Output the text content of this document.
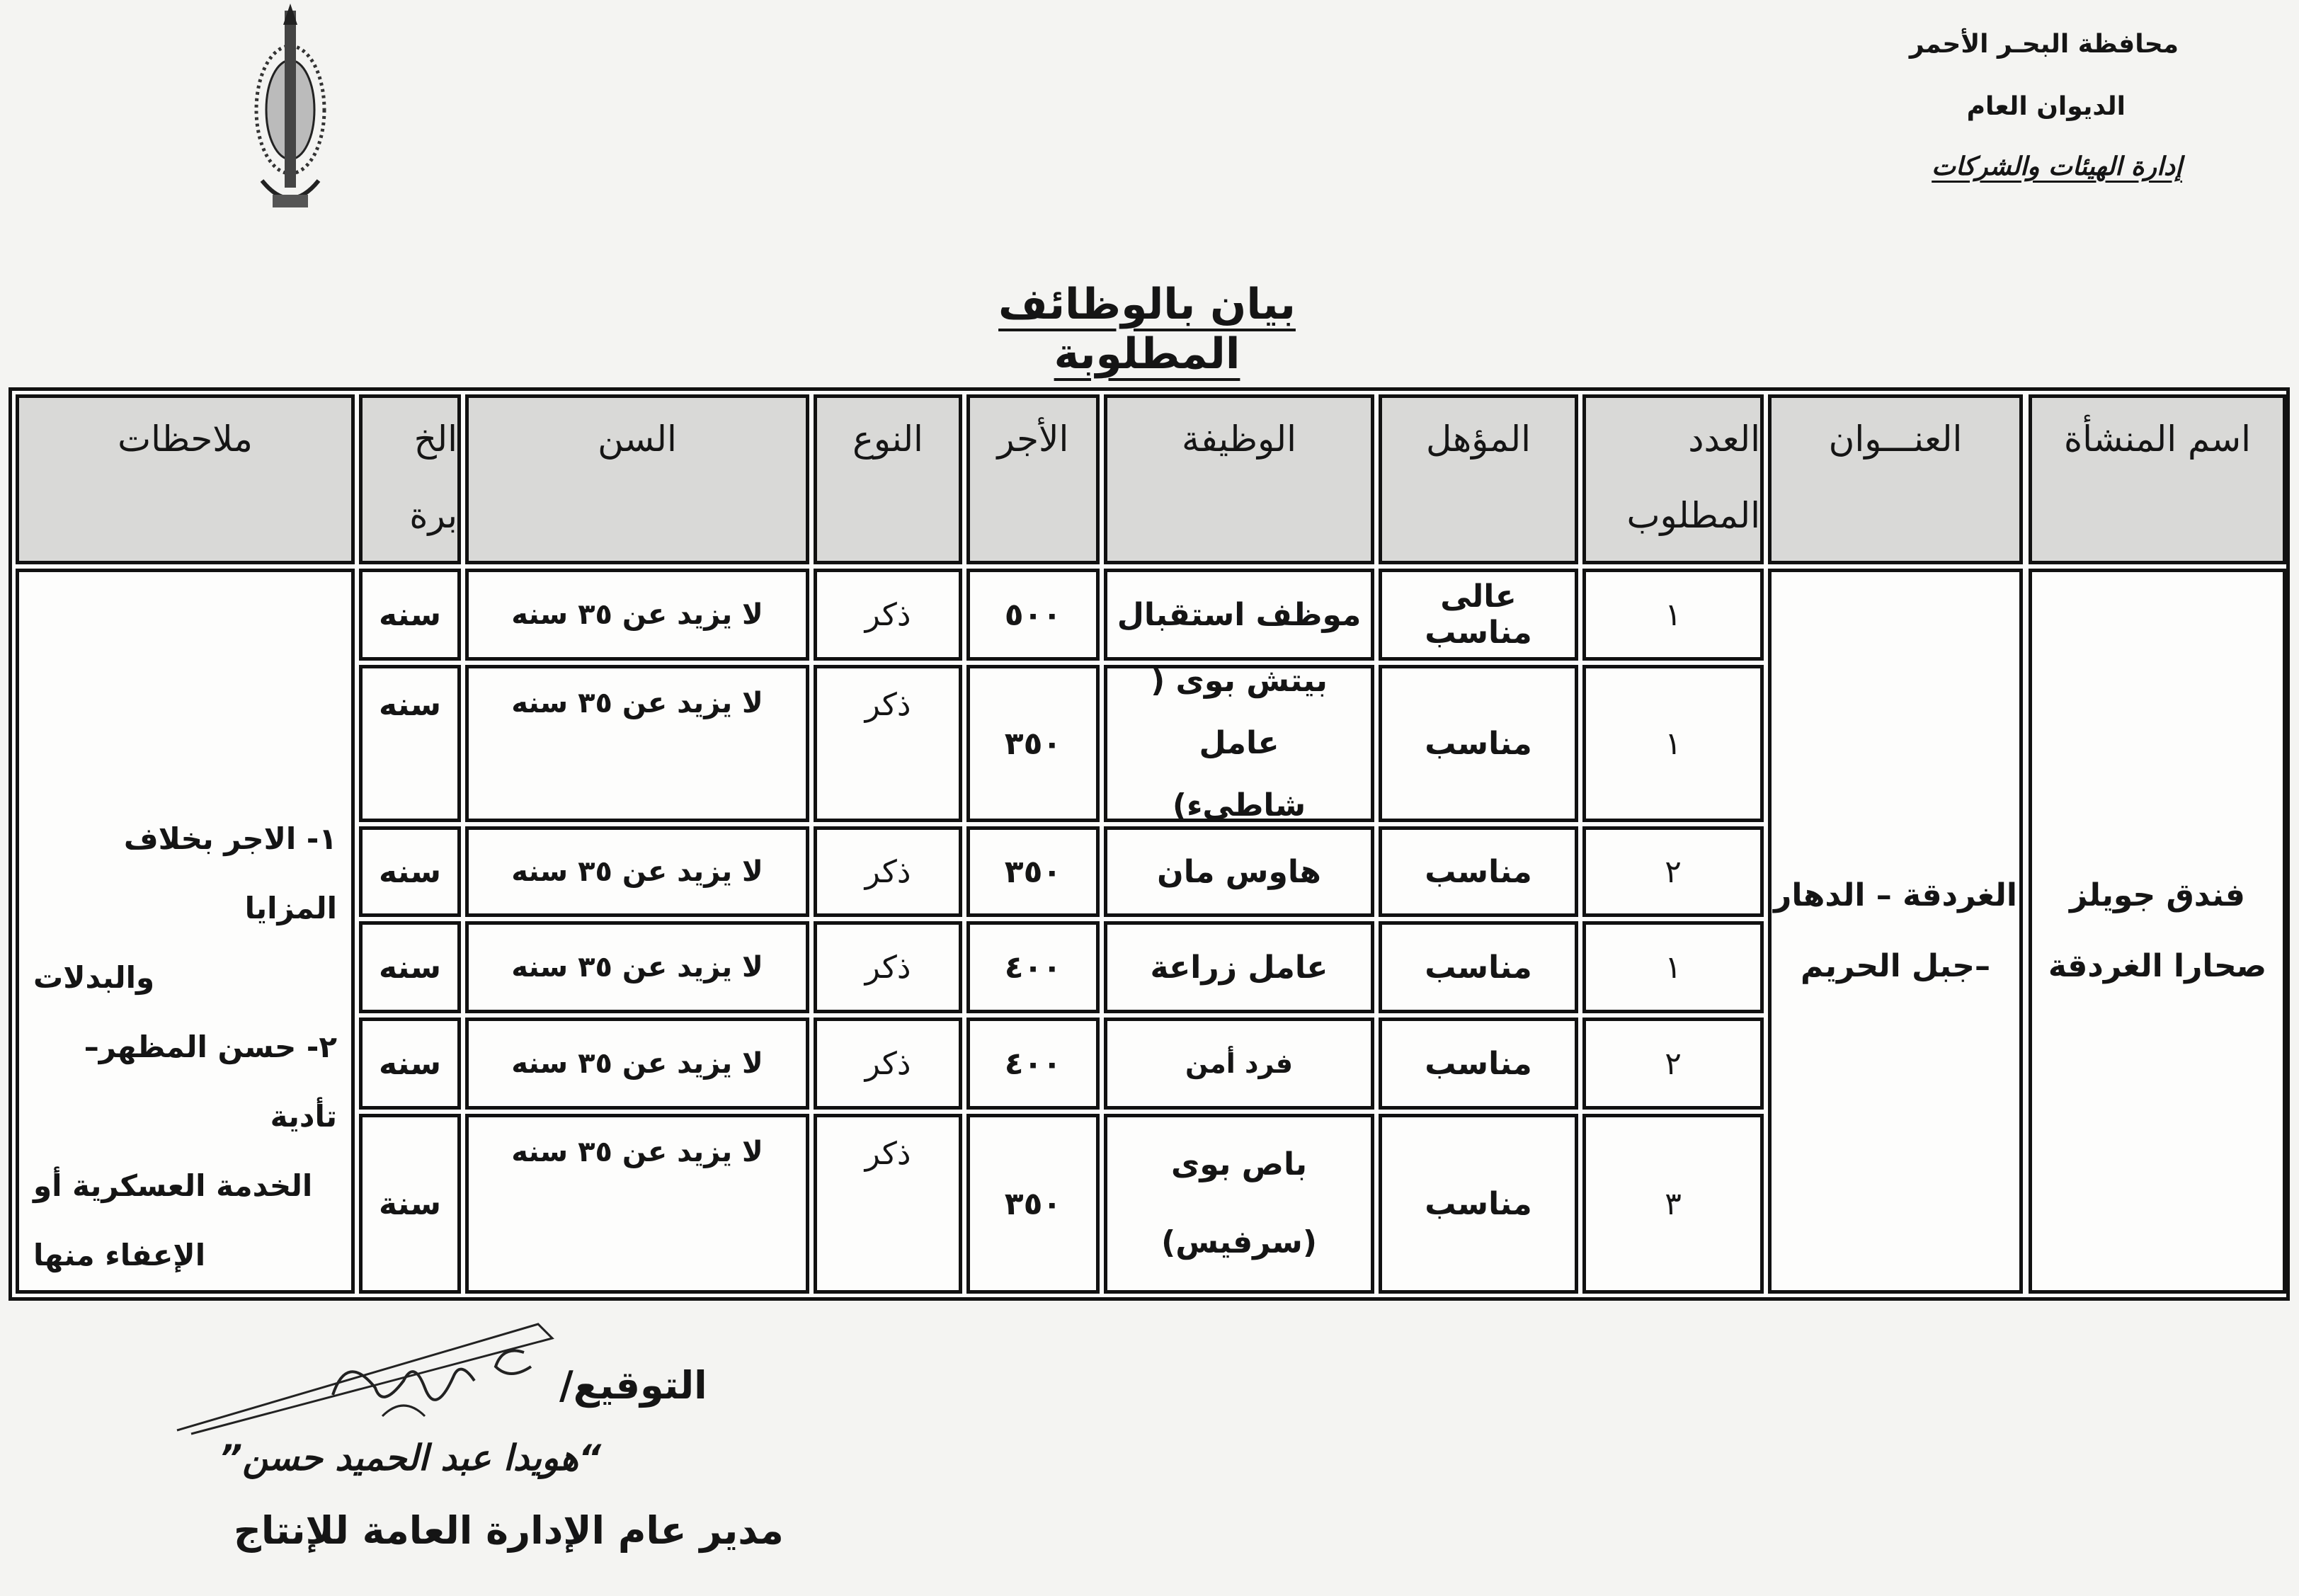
محافظة البحـر الأحمر
الديوان العام
إدارة الهيئات والشركات
بيان بالوظائف المطلوبة
اسم المنشأة
العنـــوان
العدد
المطلوب
المؤهل
الوظيفة
الأجر
النوع
السن
الخ
برة
ملاحظات
فندق جويلز
صحارا الغردقة
الغردقة – الدهار
–جبل الحريم
١- الاجر بخلاف المزايا
والبدلات
٢- حسن المظهر–تأدية
الخدمة العسكرية أو
الإعفاء منها
١
عالى مناسب
موظف استقبال
٥٠٠
ذكر
لا يزيد عن ٣٥ سنه
سنه
١
مناسب
بيتش بوى ( عامل
شاطىء)
٣٥٠
ذكر
لا يزيد عن ٣٥ سنه
سنه
٢
مناسب
هاوس مان
٣٥٠
ذكر
لا يزيد عن ٣٥ سنه
سنه
١
مناسب
عامل زراعة
٤٠٠
ذكر
لا يزيد عن ٣٥ سنه
سنه
٢
مناسب
فرد أمن
٤٠٠
ذكر
لا يزيد عن ٣٥ سنه
سنه
٣
مناسب
باص بوى
(سرفيس)
٣٥٠
ذكر
لا يزيد عن ٣٥ سنه
سنة
التوقيع/
“هويدا عبد الحميد حسن”
مدير عام الإدارة العامة للإنتاج
